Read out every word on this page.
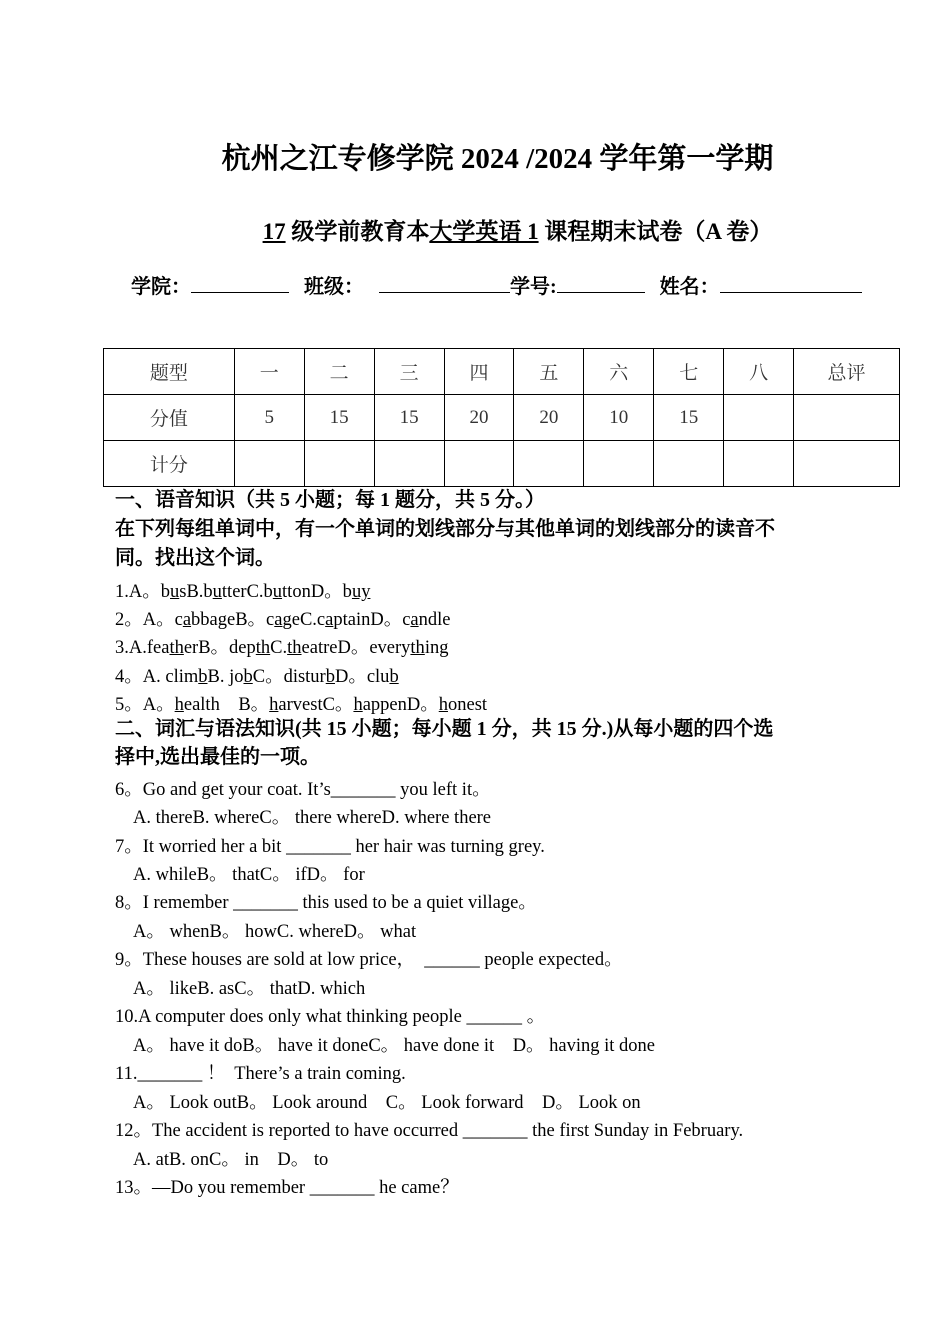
杭州之江专修学院 2024 /2024 学年第一学期
17 级学前教育本大学英语 1 课程期末试卷（A 卷）
学院：	班级：	学号:	姓名：
题型	一	二	三	四	五	六	七	八	总评
分值	5	15	15	20	20	10	15		
计分									
一、语音知识（共 5 小题；每 1 题分，共 5 分。）
在下列每组单词中，有一个单词的划线部分与其他单词的划线部分的读音不
同。找出这个词。
1.A。busB.butterC.buttonD。buy
2。A。cabbageB。cageC.captainD。candle
3.A.featherB。depthC.theatreD。everything
4。A. climbB. jobC。disturbD。club
5。A。health    B。harvestC。happenD。honest
二、词汇与语法知识(共 15 小题；每小题 1 分，共 15 分.)从每小题的四个选
择中,选出最佳的一项。
6。Go and get your coat. It’s_______ you left it。
A. thereB. whereC。 there whereD. where there
7。It worried her a bit _______ her hair was turning grey.
A. whileB。 thatC。 ifD。 for
8。I remember _______ this used to be a quiet village。
A。 whenB。 howC. whereD。 what
9。These houses are sold at low price，  ______ people expected。
A。 likeB. asC。 thatD. which
10.A computer does only what thinking people ______ 。
A。 have it doB。 have it doneC。 have done it    D。 having it done
11._______ ！  There’s a train coming.
A。 Look outB。 Look around    C。 Look forward    D。 Look on
12。The accident is reported to have occurred _______ the first Sunday in February.
A. atB. onC。 in    D。 to
13。—Do you remember _______ he came？
